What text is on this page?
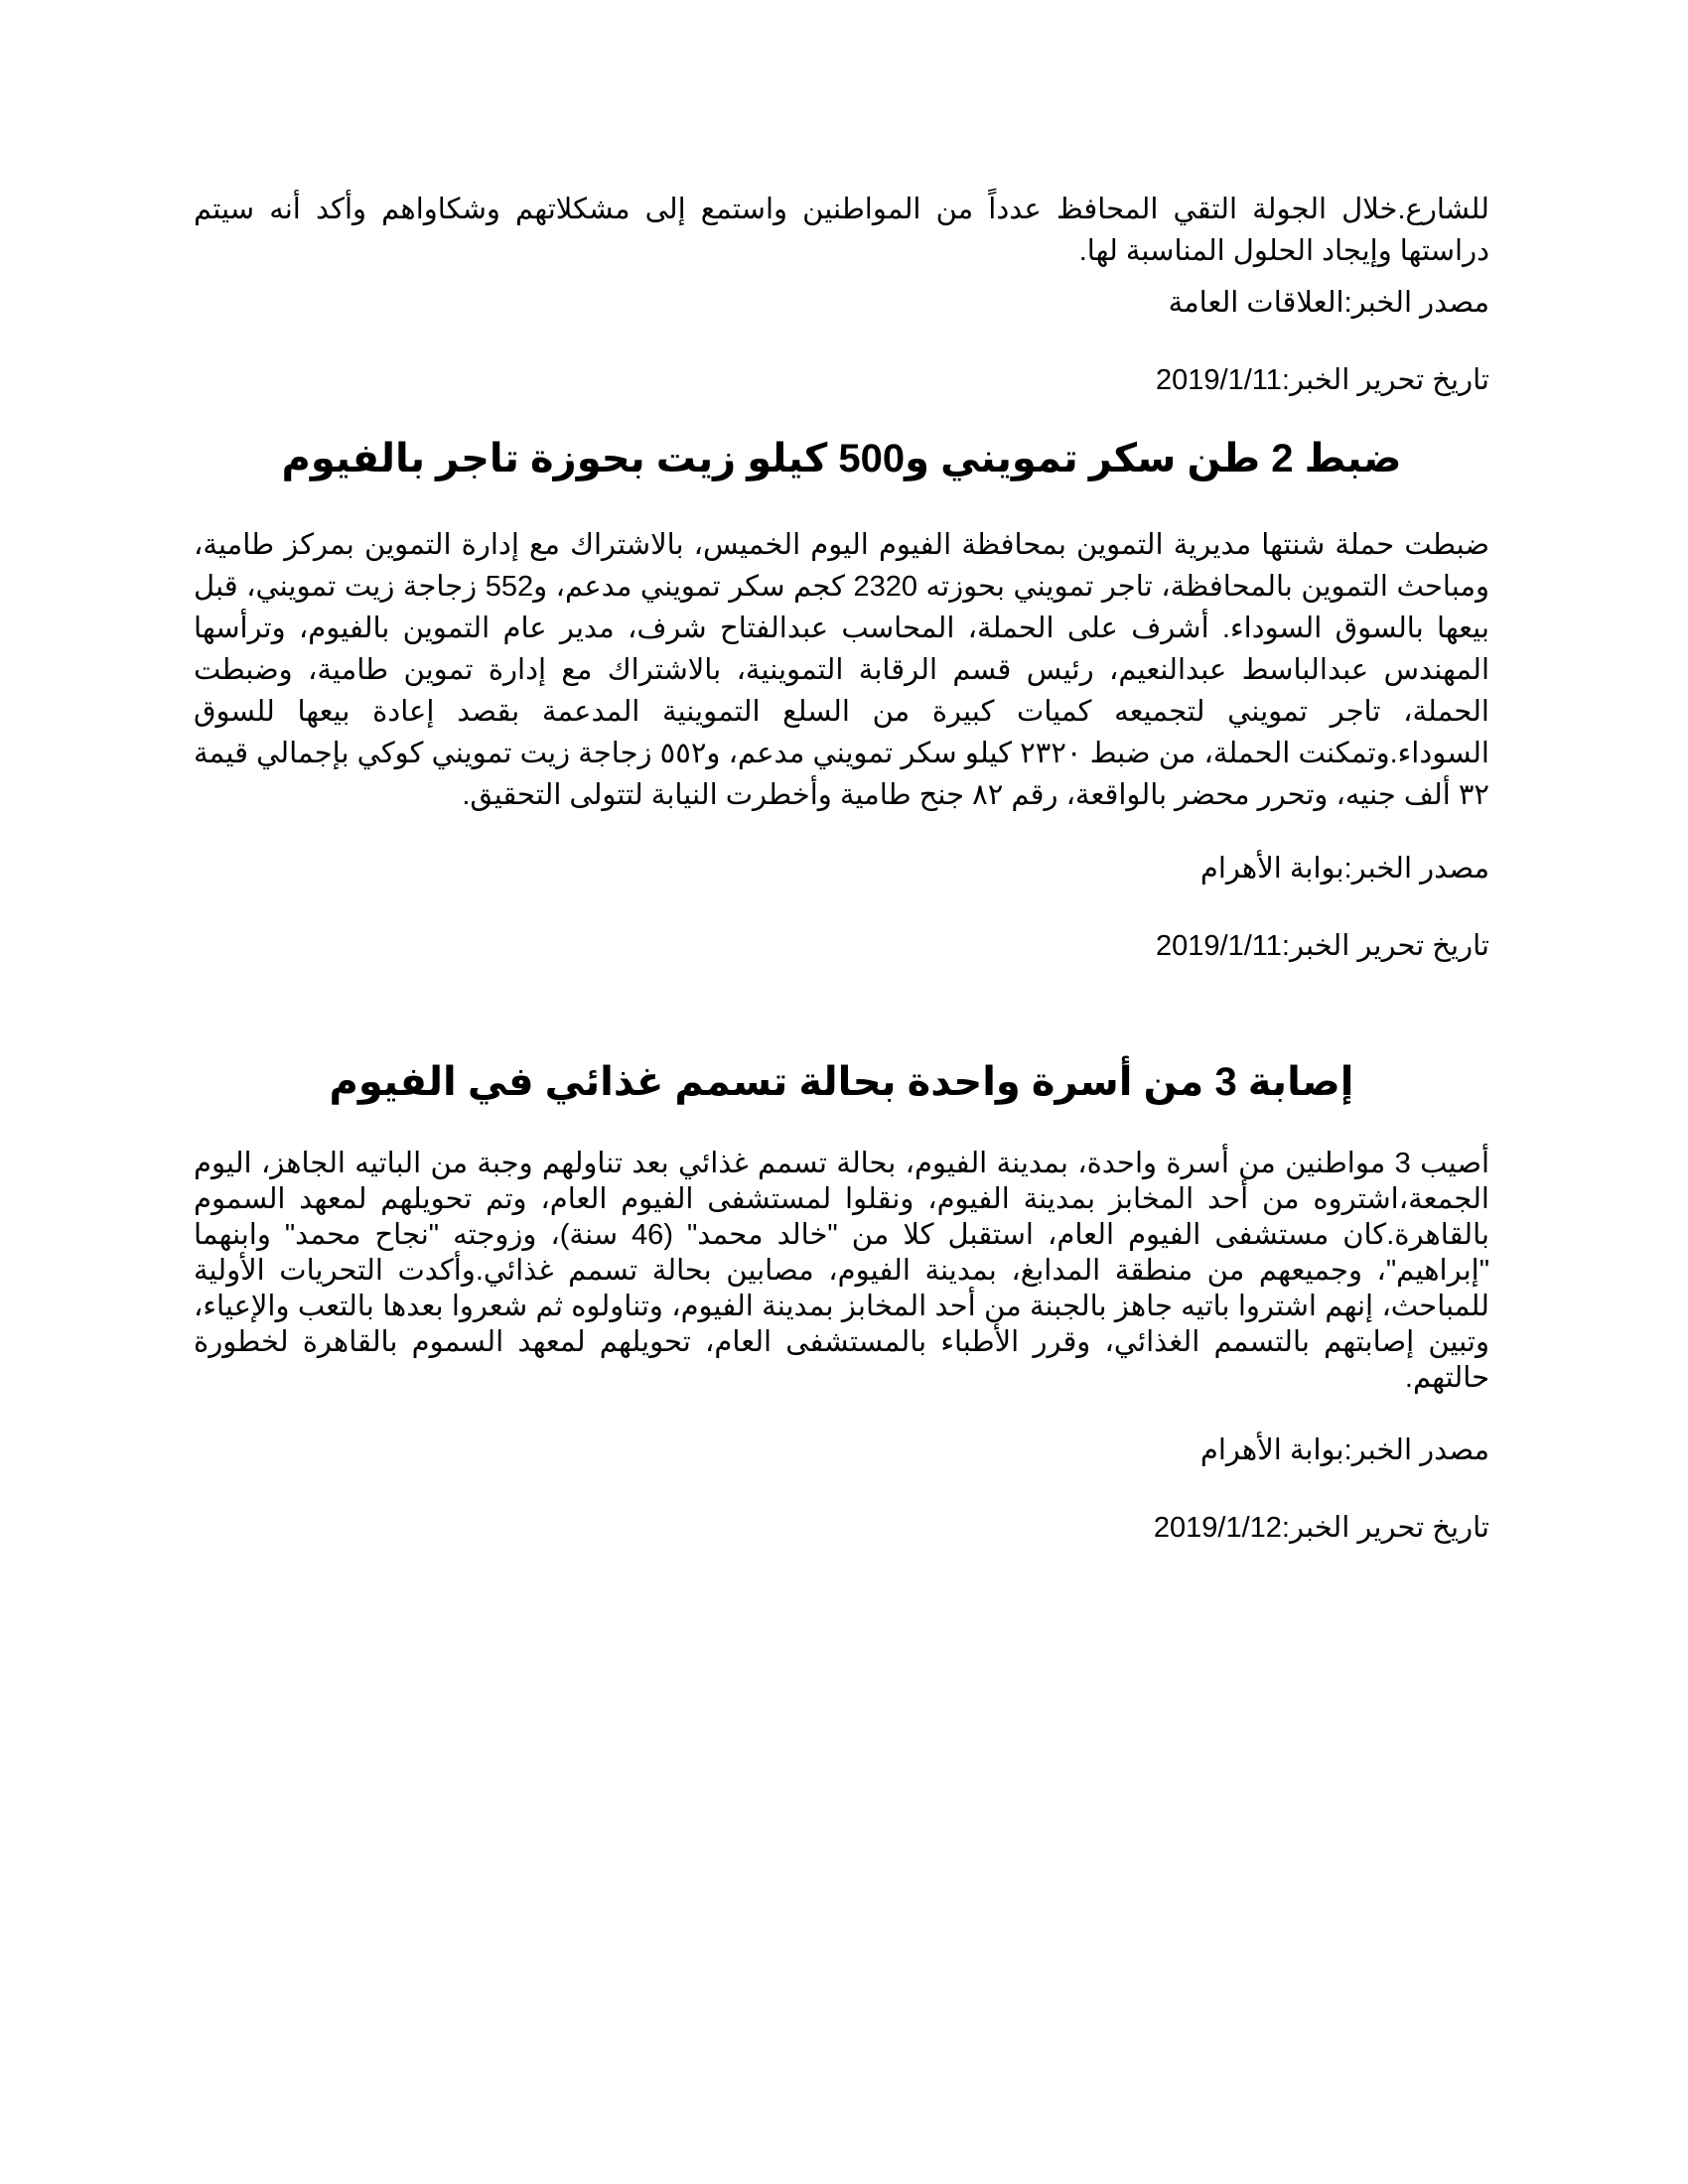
للشارع.خلال الجولة التقي المحافظ عدداً من المواطنين واستمع إلى مشكلاتهم وشكاواهم وأكد أنه سيتم دراستها وإيجاد الحلول المناسبة لها.

مصدر الخبر:العلاقات العامة

تاريخ تحرير الخبر:2019/1/11

ضبط 2 طن سكر تمويني و500 كيلو زيت بحوزة تاجر بالفيوم

ضبطت حملة شنتها مديرية التموين بمحافظة الفيوم اليوم الخميس، بالاشتراك مع إدارة التموين بمركز طامية، ومباحث التموين بالمحافظة، تاجر تمويني بحوزته 2320 كجم سكر تمويني مدعم، و552 زجاجة زيت تمويني، قبل بيعها بالسوق السوداء. أشرف على الحملة، المحاسب عبدالفتاح شرف، مدير عام التموين بالفيوم، وترأسها المهندس عبدالباسط عبدالنعيم، رئيس قسم الرقابة التموينية، بالاشتراك مع إدارة تموين طامية، وضبطت الحملة، تاجر تمويني لتجميعه كميات كبيرة من السلع التموينية المدعمة بقصد إعادة بيعها للسوق السوداء.وتمكنت الحملة، من ضبط ٢٣٢٠ كيلو سكر تمويني مدعم، و٥٥٢ زجاجة زيت تمويني كوكي بإجمالي قيمة ٣٢ ألف جنيه، وتحرر محضر بالواقعة، رقم ٨٢ جنح طامية وأخطرت النيابة لتتولى التحقيق.

مصدر الخبر:بوابة الأهرام

تاريخ تحرير الخبر:2019/1/11

إصابة 3 من أسرة واحدة بحالة تسمم غذائي في الفيوم

أصيب 3 مواطنين من أسرة واحدة، بمدينة الفيوم، بحالة تسمم غذائي بعد تناولهم وجبة من الباتيه الجاهز، اليوم الجمعة،اشتروه من أحد المخابز بمدينة الفيوم، ونقلوا لمستشفى الفيوم العام، وتم تحويلهم لمعهد السموم بالقاهرة.كان مستشفى الفيوم العام، استقبل كلا من "خالد محمد" (46 سنة)، وزوجته "نجاح محمد" وابنهما "إبراهيم"، وجميعهم من منطقة المدابغ، بمدينة الفيوم، مصابين بحالة تسمم غذائي.وأكدت التحريات الأولية للمباحث، إنهم اشتروا باتيه جاهز بالجبنة من أحد المخابز بمدينة الفيوم، وتناولوه ثم شعروا بعدها بالتعب والإعياء، وتبين إصابتهم بالتسمم الغذائي، وقرر الأطباء بالمستشفى العام، تحويلهم لمعهد السموم بالقاهرة لخطورة حالتهم.

مصدر الخبر:بوابة الأهرام

تاريخ تحرير الخبر:2019/1/12
